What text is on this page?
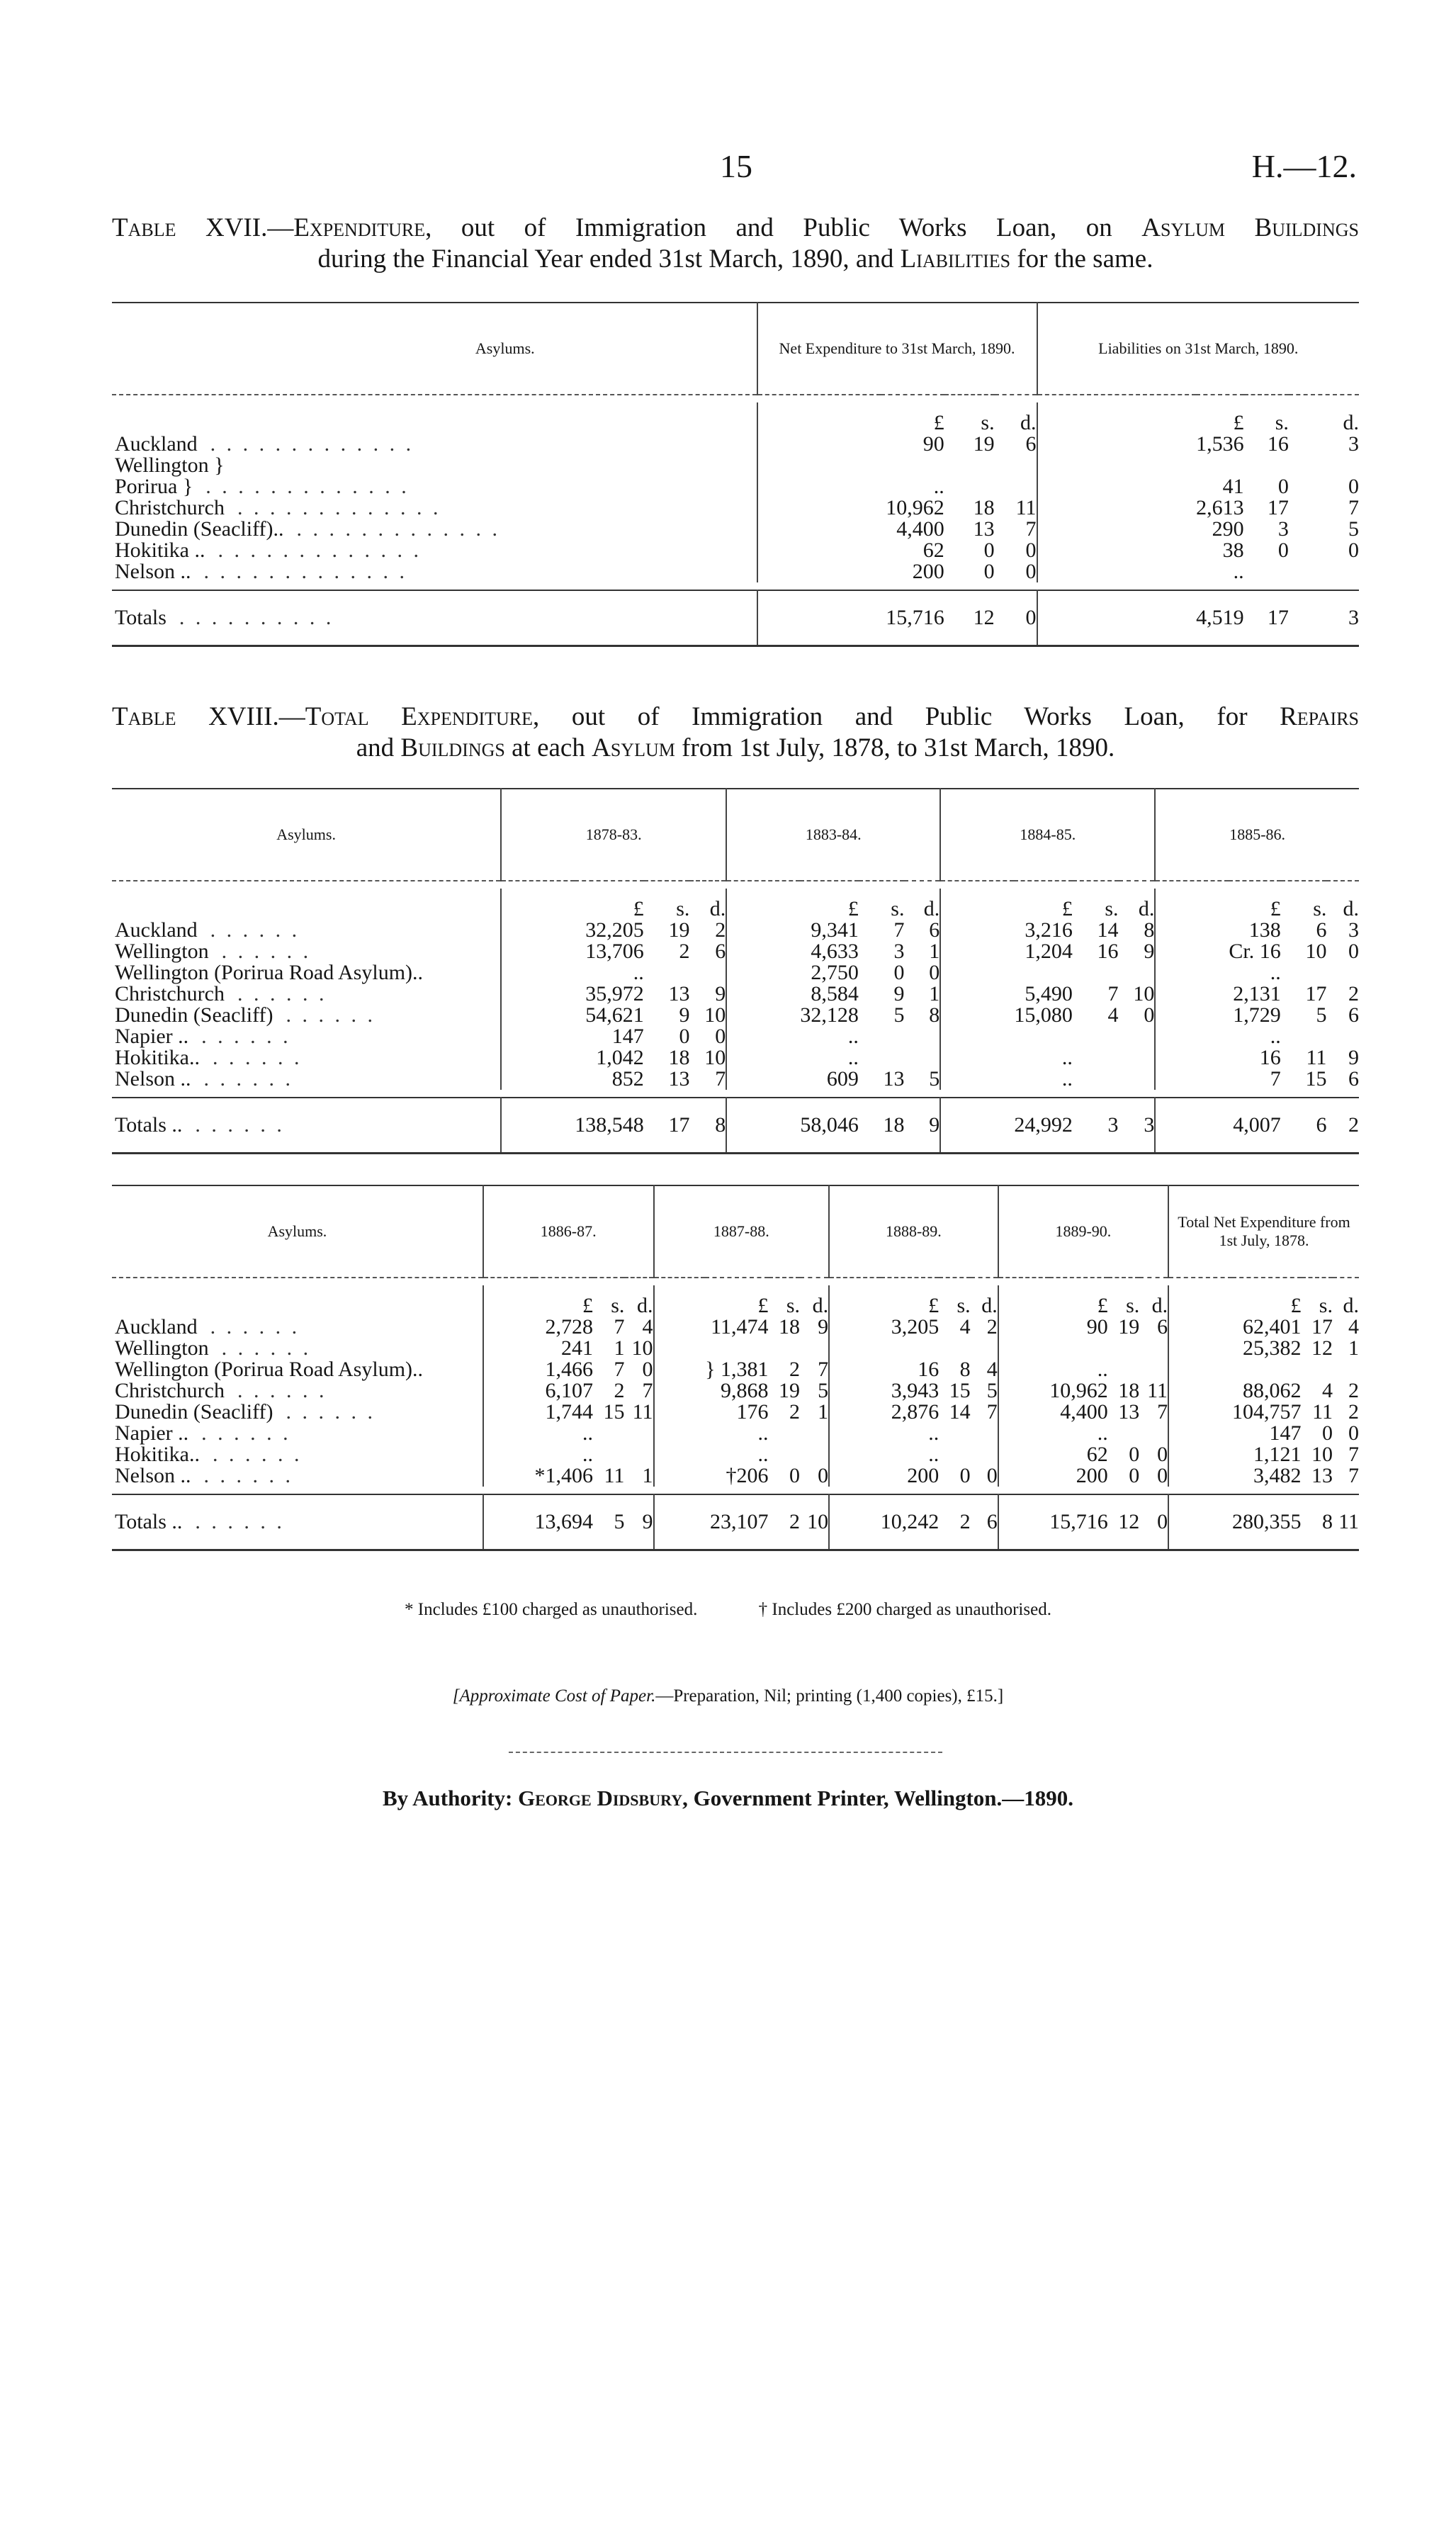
15	H.—12.
Table XVII.—Expenditure, out of Immigration and Public Works Loan, on Asylum Buildings
during the Financial Year ended 31st March, 1890, and Liabilities for the same.
Asylums.	Net Expenditure to 31st March, 1890.				Liabilities on 31st March, 1890.			

		£	s.	d.		£	s.	d.
Auckland . . . . . . . . . . . . .		90	19	6		1,536	16	3
Wellington }								
Porirua } . . . . . . . . . . . . .		..				41	0	0
Christchurch . . . . . . . . . . . . .		10,962	18	11		2,613	17	7
Dunedin (Seacliff).. . . . . . . . . . . . . .		4,400	13	7		290	3	5
Hokitika .. . . . . . . . . . . . . .		62	0	0		38	0	0
Nelson .. . . . . . . . . . . . . .		200	0	0		..		

Totals . . . . . . . . . .		15,716	12	0		4,519	17	3
Table XVIII.—Total Expenditure, out of Immigration and Public Works Loan, for Repairs
and Buildings at each Asylum from 1st July, 1878, to 31st March, 1890.
Asylums.	1878-83.				1883-84.				1884-85.				1885-86.			

		£	s.	d.		£	s.	d.		£	s.	d.		£	s.	d.
Auckland . . . . . .		32,205	19	2		9,341	7	6		3,216	14	8		138	6	3
Wellington . . . . . .		13,706	2	6		4,633	3	1		1,204	16	9		Cr. 16	10	0
Wellington (Porirua Road Asylum)..		..				2,750	0	0						..		
Christchurch . . . . . .		35,972	13	9		8,584	9	1		5,490	7	10		2,131	17	2
Dunedin (Seacliff) . . . . . .		54,621	9	10		32,128	5	8		15,080	4	0		1,729	5	6
Napier .. . . . . . .		147	0	0		..								..		
Hokitika.. . . . . . .		1,042	18	10		..				..				16	11	9
Nelson .. . . . . . .		852	13	7		609	13	5		..				7	15	6

Totals .. . . . . . .		138,548	17	8		58,046	18	9		24,992	3	3		4,007	6	2
Asylums.	1886-87.				1887-88.				1888-89.				1889-90.				Total Net Expenditure from 1st July, 1878.			

		£	s.	d.		£	s.	d.		£	s.	d.		£	s.	d.		£	s.	d.
Auckland . . . . . .		2,728	7	4		11,474	18	9		3,205	4	2		90	19	6		62,401	17	4
Wellington . . . . . .		241	1	10														25,382	12	1
Wellington (Porirua Road Asylum)..		1,466	7	0		} 1,381	2	7		16	8	4		..						
Christchurch . . . . . .		6,107	2	7		9,868	19	5		3,943	15	5		10,962	18	11		88,062	4	2
Dunedin (Seacliff) . . . . . .		1,744	15	11		176	2	1		2,876	14	7		4,400	13	7		104,757	11	2
Napier .. . . . . . .		..				..				..				..				147	0	0
Hokitika.. . . . . . .		..				..				..				62	0	0		1,121	10	7
Nelson .. . . . . . .		*1,406	11	1		†206	0	0		200	0	0		200	0	0		3,482	13	7

Totals .. . . . . . .		13,694	5	9		23,107	2	10		10,242	2	6		15,716	12	0		280,355	8	11
* Includes £100 charged as unauthorised.	† Includes £200 charged as unauthorised.
[Approximate Cost of Paper.—Preparation, Nil; printing (1,400 copies), £15.]
By Authority: George Didsbury, Government Printer, Wellington.—1890.
